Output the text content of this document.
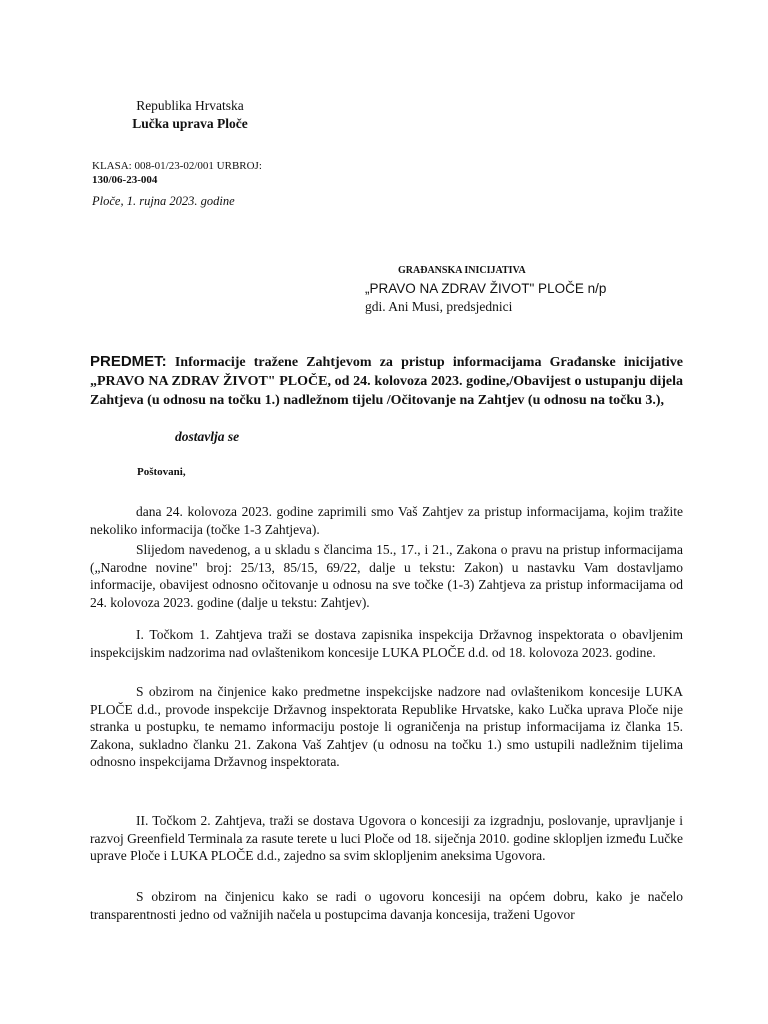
Republika Hrvatska
Lučka uprava Ploče
KLASA: 008-01/23-02/001 URBROJ:
130/06-23-004
Ploče, 1. rujna 2023. godine
GRAĐANSKA INICIJATIVA
„PRAVO NA ZDRAV ŽIVOT" PLOČE n/p
gdi. Ani Musi, predsjednici

PREDMET: Informacije tražene Zahtjevom za pristup informacijama Građanske inicijative „PRAVO NA ZDRAV ŽIVOT" PLOČE, od 24. kolovoza 2023. godine,/Obavijest o ustupanju dijela Zahtjeva (u odnosu na točku 1.) nadležnom tijelu /Očitovanje na Zahtjev (u odnosu na točku 3.),

dostavlja se
Poštovani,

dana 24. kolovoza 2023. godine zaprimili smo Vaš Zahtjev za pristup informacijama, kojim tražite nekoliko informacija (točke 1-3 Zahtjeva).

Slijedom navedenog, a u skladu s člancima 15., 17., i 21., Zakona o pravu na pristup informacijama („Narodne novine" broj: 25/13, 85/15, 69/22, dalje u tekstu: Zakon) u nastavku Vam dostavljamo informacije, obavijest odnosno očitovanje u odnosu na sve točke (1-3) Zahtjeva za pristup informacijama od 24. kolovoza 2023. godine (dalje u tekstu: Zahtjev).

I. Točkom 1. Zahtjeva traži se dostava zapisnika inspekcija Državnog inspektorata o obavljenim inspekcijskim nadzorima nad ovlaštenikom koncesije LUKA PLOČE d.d. od 18. kolovoza 2023. godine.

S obzirom na činjenice kako predmetne inspekcijske nadzore nad ovlaštenikom koncesije LUKA PLOČE d.d., provode inspekcije Državnog inspektorata Republike Hrvatske, kako Lučka uprava Ploče nije stranka u postupku, te nemamo informaciju postoje li ograničenja na pristup informacijama iz članka 15. Zakona, sukladno članku 21. Zakona Vaš Zahtjev (u odnosu na točku 1.) smo ustupili nadležnim tijelima odnosno inspekcijama Državnog inspektorata.

II. Točkom 2. Zahtjeva, traži se dostava Ugovora o koncesiji za izgradnju, poslovanje, upravljanje i razvoj Greenfield Terminala za rasute terete u luci Ploče od 18. siječnja 2010. godine sklopljen između Lučke uprave Ploče i LUKA PLOČE d.d., zajedno sa svim sklopljenim aneksima Ugovora.

S obzirom na činjenicu kako se radi o ugovoru koncesiji na općem dobru, kako je načelo transparentnosti jedno od važnijih načela u postupcima davanja koncesija, traženi Ugovor
